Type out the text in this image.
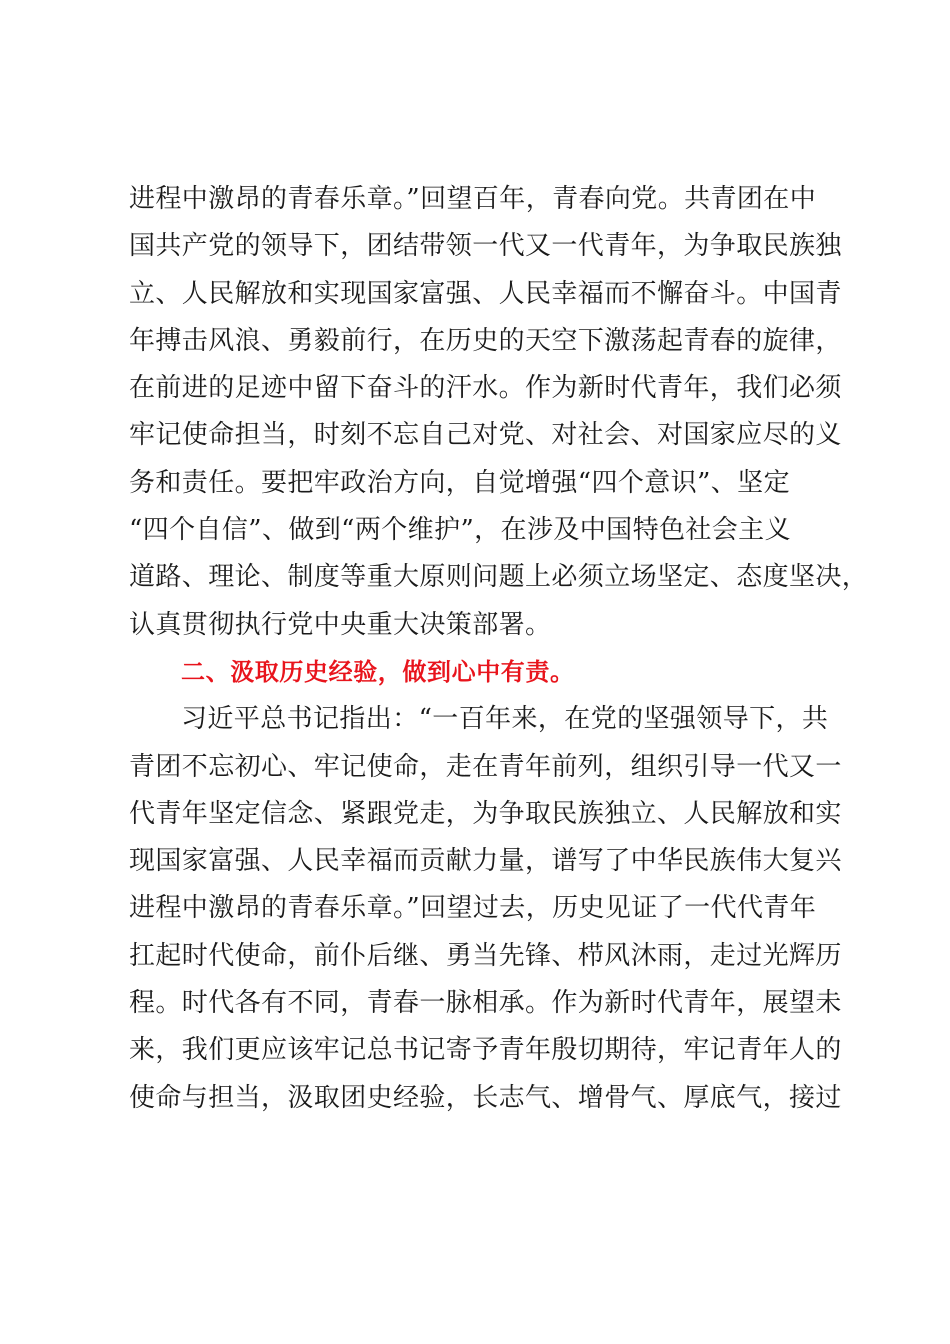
进程中激昂的青春乐章。”回望百年，青春向党。共青团在中
国共产党的领导下，团结带领一代又一代青年，为争取民族独
立、人民解放和实现国家富强、人民幸福而不懈奋斗。中国青
年搏击风浪、勇毅前行，在历史的天空下激荡起青春的旋律，
在前进的足迹中留下奋斗的汗水。作为新时代青年，我们必须
牢记使命担当，时刻不忘自己对党、对社会、对国家应尽的义
务和责任。要把牢政治方向，自觉增强“四个意识”、坚定
“四个自信”、做到“两个维护”，在涉及中国特色社会主义
道路、理论、制度等重大原则问题上必须立场坚定、态度坚决，
认真贯彻执行党中央重大决策部署。
二、汲取历史经验，做到心中有责。
习近平总书记指出：“一百年来，在党的坚强领导下，共
青团不忘初心、牢记使命，走在青年前列，组织引导一代又一
代青年坚定信念、紧跟党走，为争取民族独立、人民解放和实
现国家富强、人民幸福而贡献力量，谱写了中华民族伟大复兴
进程中激昂的青春乐章。”回望过去，历史见证了一代代青年
扛起时代使命，前仆后继、勇当先锋、栉风沐雨，走过光辉历
程。时代各有不同，青春一脉相承。作为新时代青年，展望未
来，我们更应该牢记总书记寄予青年殷切期待，牢记青年人的
使命与担当，汲取团史经验，长志气、增骨气、厚底气，接过
